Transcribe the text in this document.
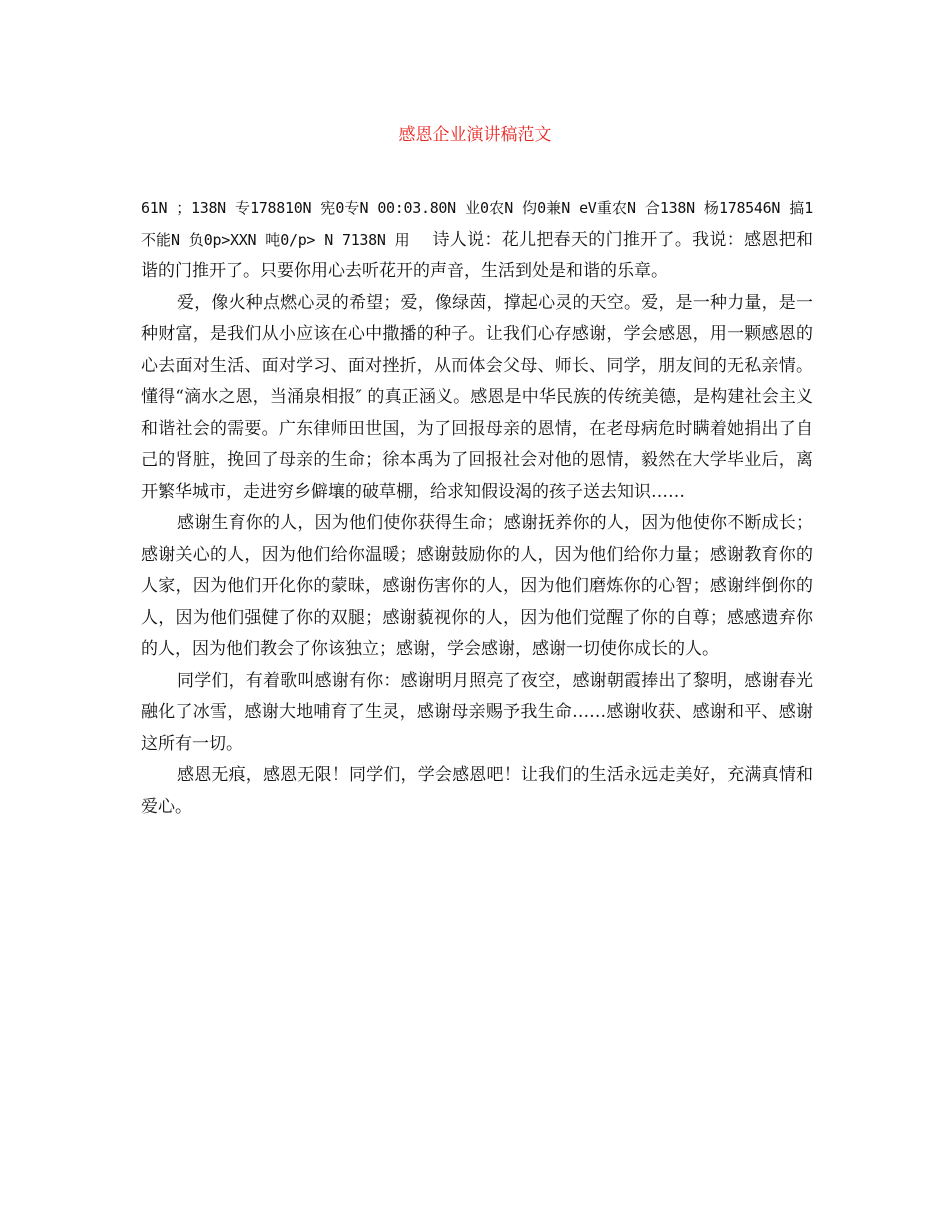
感恩企业演讲稿范文

61N ；138N 专178810N 宪0专N 00:03.80N 业0农N 伨0兼N eV重农N 合138N 杨178546N 搞1不能N 负0p>XXN 吨0/p> N 7138N 用    诗人说：花儿把春天的门推开了。我说：感恩把和谐的门推开了。只要你用心去听花开的声音，生活到处是和谐的乐章。

爱，像火种点燃心灵的希望；爱，像绿茵，撑起心灵的天空。爱，是一种力量，是一种财富，是我们从小应该在心中撒播的种子。让我们心存感谢，学会感恩，用一颗感恩的心去面对生活、面对学习、面对挫折，从而体会父母、师长、同学，朋友间的无私亲情。懂得“滴水之恩，当涌泉相报″ 的真正涵义。感恩是中华民族的传统美德，是构建社会主义和谐社会的需要。广东律师田世国，为了回报母亲的恩情，在老母病危时瞒着她捐出了自己的肾脏，挽回了母亲的生命；徐本禹为了回报社会对他的恩情，毅然在大学毕业后，离开繁华城市，走进穷乡僻壤的破草棚，给求知假设渴的孩子送去知识……

感谢生育你的人，因为他们使你获得生命；感谢抚养你的人，因为他使你不断成长；感谢关心的人，因为他们给你温暖；感谢鼓励你的人，因为他们给你力量；感谢教育你的人家，因为他们开化你的蒙昧，感谢伤害你的人，因为他们磨炼你的心智；感谢绊倒你的人，因为他们强健了你的双腿；感谢藐视你的人，因为他们觉醒了你的自尊；感感遗弃你的人，因为他们教会了你该独立；感谢，学会感谢，感谢一切使你成长的人。

同学们，有着歌叫感谢有你：感谢明月照亮了夜空，感谢朝霞捧出了黎明，感谢春光融化了冰雪，感谢大地哺育了生灵，感谢母亲赐予我生命……感谢收获、感谢和平、感谢这所有一切。

感恩无痕，感恩无限！同学们，学会感恩吧！让我们的生活永远走美好，充满真情和爱心。
